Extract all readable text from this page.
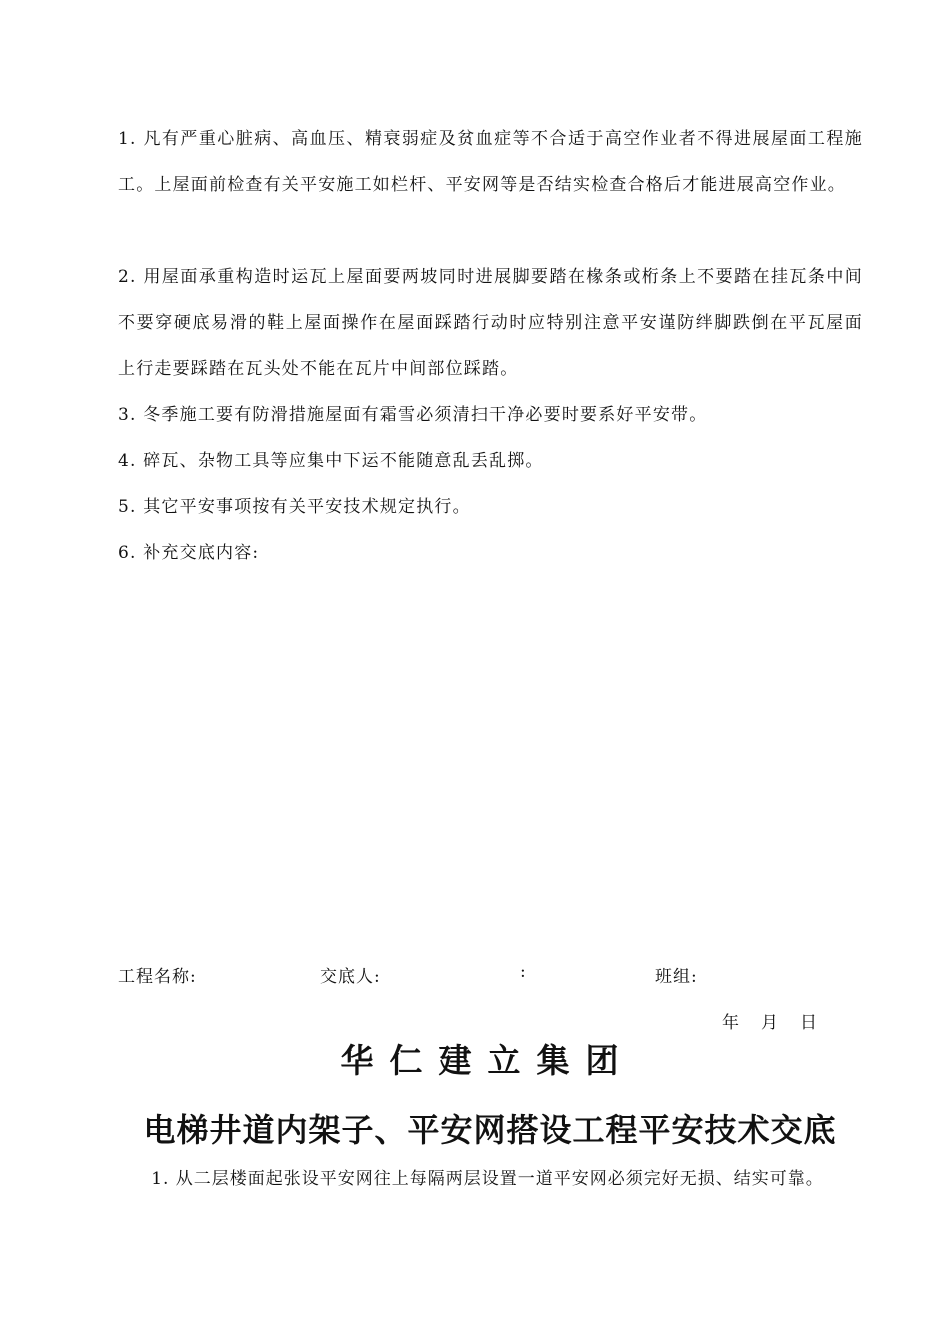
1. 凡有严重心脏病、高血压、精衰弱症及贫血症等不合适于高空作业者不得进展屋面工程施工。上屋面前检查有关平安施工如栏杆、平安网等是否结实检查合格后才能进展高空作业。

2. 用屋面承重构造时运瓦上屋面要两坡同时进展脚要踏在椽条或桁条上不要踏在挂瓦条中间不要穿硬底易滑的鞋上屋面操作在屋面踩踏行动时应特别注意平安谨防绊脚跌倒在平瓦屋面上行走要踩踏在瓦头处不能在瓦片中间部位踩踏。

3. 冬季施工要有防滑措施屋面有霜雪必须清扫干净必要时要系好平安带。

4. 碎瓦、杂物工具等应集中下运不能随意乱丢乱掷。

5. 其它平安事项按有关平安技术规定执行。

6. 补充交底内容:

工程名称:	交底人:	:	班组:
年 月 日
华仁建立集团
电梯井道内架子、平安网搭设工程平安技术交底
1. 从二层楼面起张设平安网往上每隔两层设置一道平安网必须完好无损、结实可靠。
